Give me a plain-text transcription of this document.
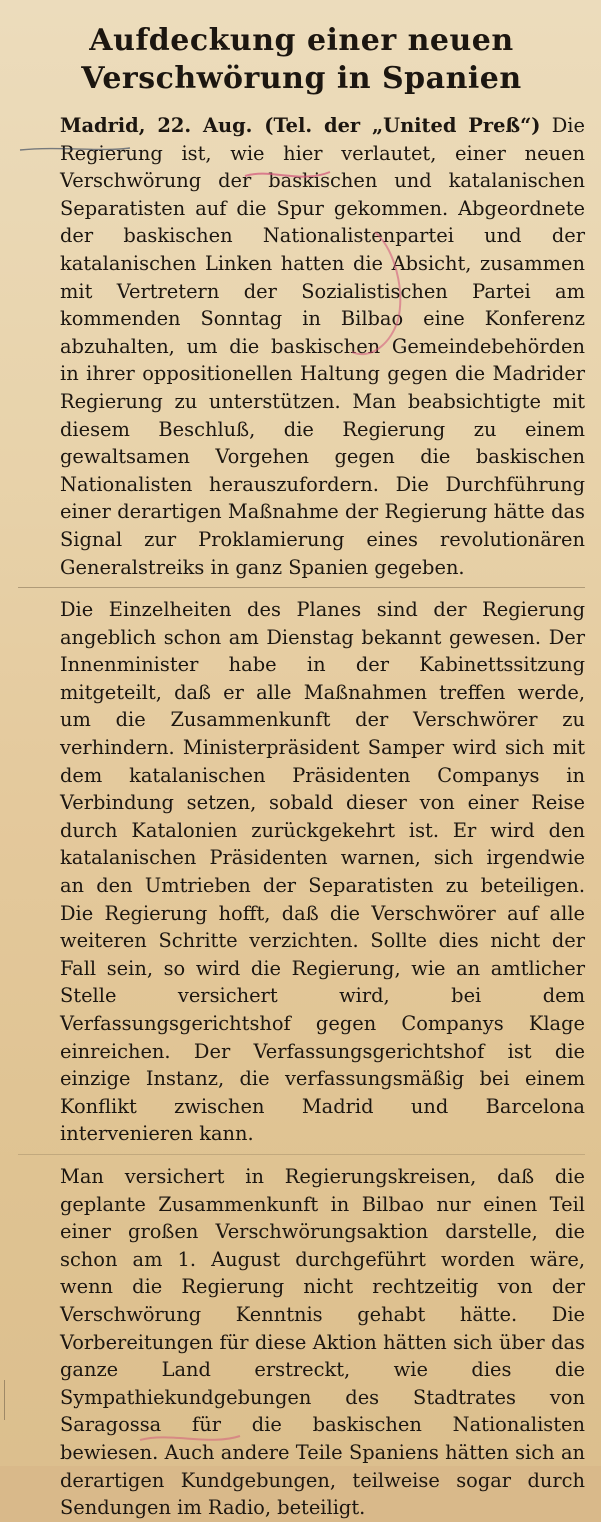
Aufdeckung einer neuen
Verschwörung in Spanien

Madrid, 22. Aug. (Tel. der „United Preß“) Die Regierung ist, wie hier verlautet, einer neuen Verschwörung der baskischen und katalanischen Separatisten auf die Spur gekommen. Abgeordnete der baskischen Nationalistenpartei und der katalanischen Linken hatten die Absicht, zusammen mit Vertretern der Sozialistischen Partei am kommenden Sonntag in Bilbao eine Konferenz abzuhalten, um die baskischen Gemeindebehörden in ihrer oppositionellen Haltung gegen die Madrider Regierung zu unterstützen. Man beabsichtigte mit diesem Beschluß, die Regierung zu einem gewaltsamen Vorgehen gegen die baskischen Nationalisten herauszufordern. Die Durchführung einer derartigen Maßnahme der Regierung hätte das Signal zur Proklamierung eines revolutionären Generalstreiks in ganz Spanien gegeben.

Die Einzelheiten des Planes sind der Regierung angeblich schon am Dienstag bekannt gewesen. Der Innenminister habe in der Kabinettssitzung mitgeteilt, daß er alle Maßnahmen treffen werde, um die Zusammenkunft der Verschwörer zu verhindern. Ministerpräsident Samper wird sich mit dem katalanischen Präsidenten Companys in Verbindung setzen, sobald dieser von einer Reise durch Katalonien zurückgekehrt ist. Er wird den katalanischen Präsidenten warnen, sich irgendwie an den Umtrieben der Separatisten zu beteiligen. Die Regierung hofft, daß die Verschwörer auf alle weiteren Schritte verzichten. Sollte dies nicht der Fall sein, so wird die Regierung, wie an amtlicher Stelle versichert wird, bei dem Verfassungsgerichtshof gegen Companys Klage einreichen. Der Verfassungsgerichtshof ist die einzige Instanz, die verfassungsmäßig bei einem Konflikt zwischen Madrid und Barcelona intervenieren kann.

Man versichert in Regierungskreisen, daß die geplante Zusammenkunft in Bilbao nur einen Teil einer großen Verschwörungsaktion darstelle, die schon am 1. August durchgeführt worden wäre, wenn die Regierung nicht rechtzeitig von der Verschwörung Kenntnis gehabt hätte. Die Vorbereitungen für diese Aktion hätten sich über das ganze Land erstreckt, wie dies die Sympathiekundgebungen des Stadtrates von Saragossa für die baskischen Nationalisten bewiesen. Auch andere Teile Spaniens hätten sich an derartigen Kundgebungen, teilweise sogar durch Sendungen im Radio, beteiligt.
